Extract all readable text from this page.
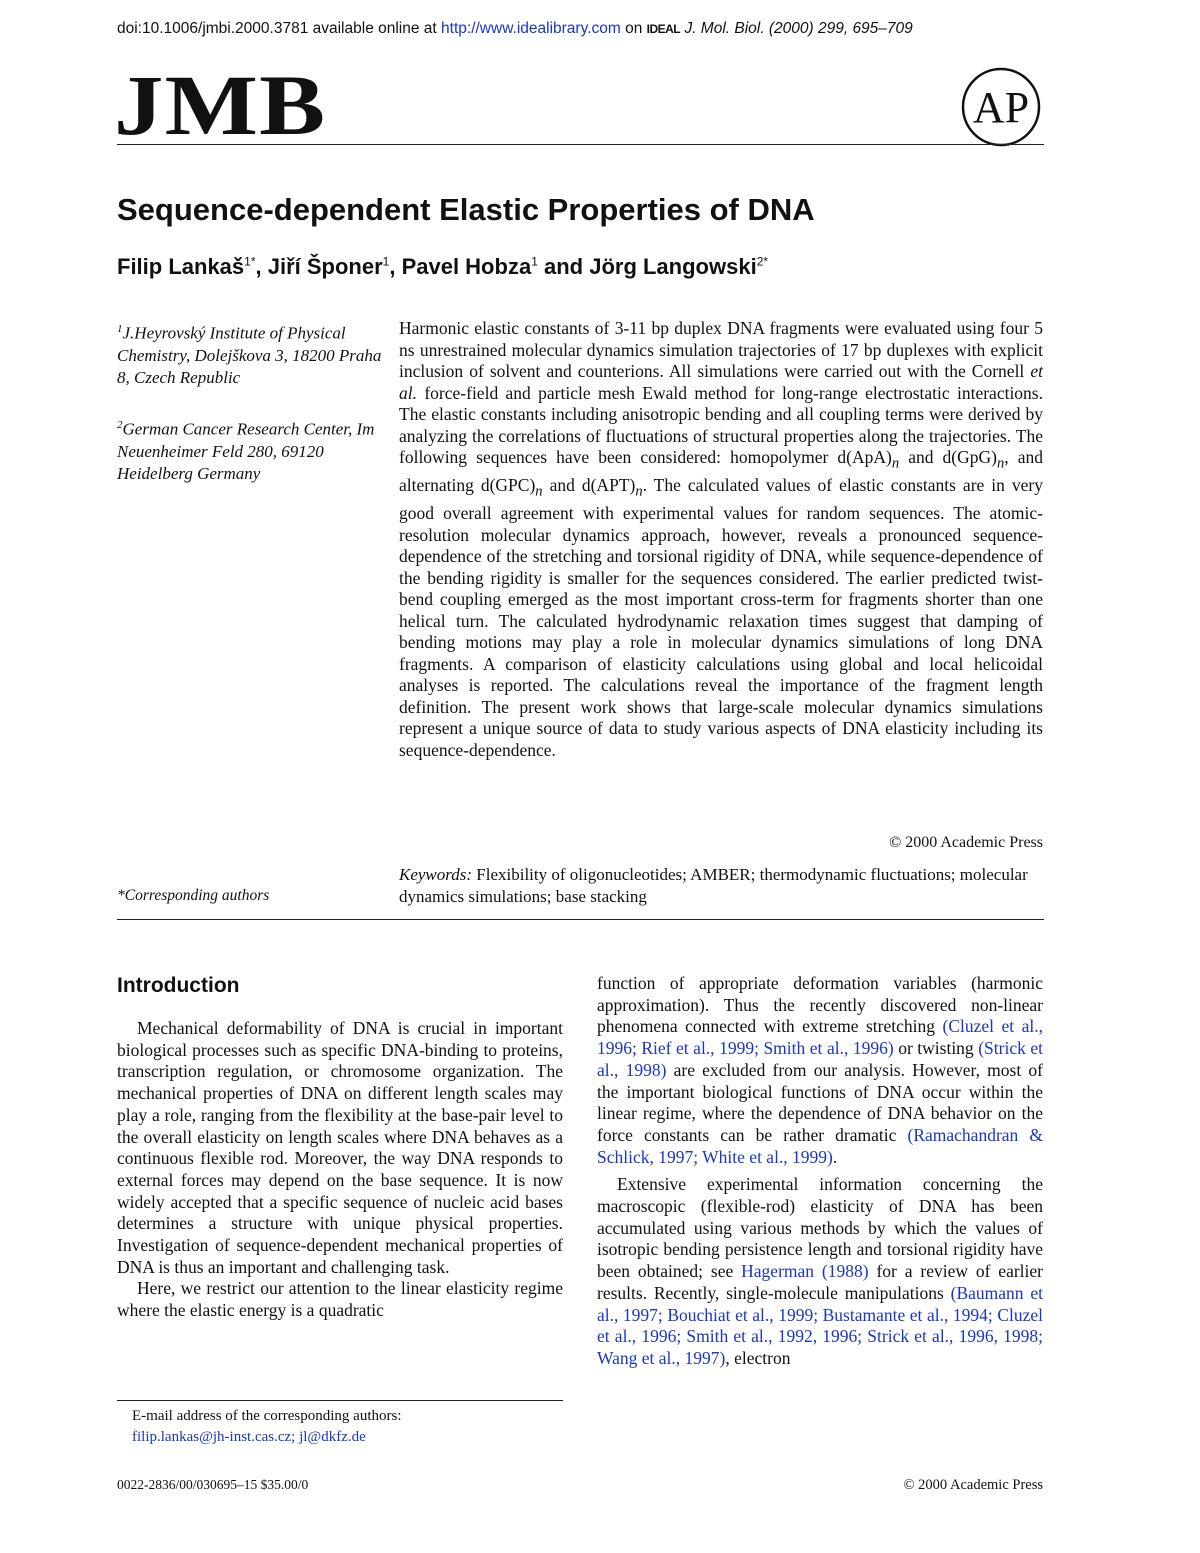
doi:10.1006/jmbi.2000.3781 available online at http://www.idealibrary.com on IDEAL J. Mol. Biol. (2000) 299, 695–709
JMB	AP
Sequence-dependent Elastic Properties of DNA
Filip Lankaš$^{1*}$, Jiří Šponer$^1$, Pavel Hobza$^1$ and Jörg Langowski$^{2*}$
$^1$J.Heyrovský Institute of Physical Chemistry, Dolejškova 3, 18200 Praha 8, Czech Republic
$^2$German Cancer Research Center, Im Neuenheimer Feld 280, 69120 Heidelberg Germany

Harmonic elastic constants of 3-11 bp duplex DNA fragments were evaluated using four 5 ns unrestrained molecular dynamics simulation trajectories of 17 bp duplexes with explicit inclusion of solvent and counterions. All simulations were carried out with the Cornell et al. force-field and particle mesh Ewald method for long-range electrostatic interactions. The elastic constants including anisotropic bending and all coupling terms were derived by analyzing the correlations of fluctuations of structural properties along the trajectories. The following sequences have been considered: homopolymer $d(ApA)_n$ and $d(GpG)_n$, and alternating $d(GPC)_n$ and $d(APT)_n$. The calculated values of elastic constants are in very good overall agreement with experimental values for random sequences. The atomic-resolution molecular dynamics approach, however, reveals a pronounced sequence-dependence of the stretching and torsional rigidity of DNA, while sequence-dependence of the bending rigidity is smaller for the sequences considered. The earlier predicted twist-bend coupling emerged as the most important cross-term for fragments shorter than one helical turn. The calculated hydrodynamic relaxation times suggest that damping of bending motions may play a role in molecular dynamics simulations of long DNA fragments. A comparison of elasticity calculations using global and local helicoidal analyses is reported. The calculations reveal the importance of the fragment length definition. The present work shows that large-scale molecular dynamics simulations represent a unique source of data to study various aspects of DNA elasticity including its sequence-dependence.

© 2000 Academic Press
Keywords: Flexibility of oligonucleotides; AMBER; thermodynamic fluctuations; molecular dynamics simulations; base stacking
*Corresponding authors
Introduction

Mechanical deformability of DNA is crucial in important biological processes such as specific DNA-binding to proteins, transcription regulation, or chromosome organization. The mechanical properties of DNA on different length scales may play a role, ranging from the flexibility at the base-pair level to the overall elasticity on length scales where DNA behaves as a continuous flexible rod. Moreover, the way DNA responds to external forces may depend on the base sequence. It is now widely accepted that a specific sequence of nucleic acid bases determines a structure with unique physical properties. Investigation of sequence-dependent mechanical properties of DNA is thus an important and challenging task.

Here, we restrict our attention to the linear elasticity regime where the elastic energy is a quadratic

function of appropriate deformation variables (harmonic approximation). Thus the recently discovered non-linear phenomena connected with extreme stretching (Cluzel et al., 1996; Rief et al., 1999; Smith et al., 1996) or twisting (Strick et al., 1998) are excluded from our analysis. However, most of the important biological functions of DNA occur within the linear regime, where the dependence of DNA behavior on the force constants can be rather dramatic (Ramachandran & Schlick, 1997; White et al., 1999).

Extensive experimental information concerning the macroscopic (flexible-rod) elasticity of DNA has been accumulated using various methods by which the values of isotropic bending persistence length and torsional rigidity have been obtained; see Hagerman (1988) for a review of earlier results. Recently, single-molecule manipulations (Baumann et al., 1997; Bouchiat et al., 1999; Bustamante et al., 1994; Cluzel et al., 1996; Smith et al., 1992, 1996; Strick et al., 1996, 1998; Wang et al., 1997), electron

E-mail address of the corresponding authors:
filip.lankas@jh-inst.cas.cz; jl@dkfz.de
0022-2836/00/030695–15 $35.00/0	© 2000 Academic Press
